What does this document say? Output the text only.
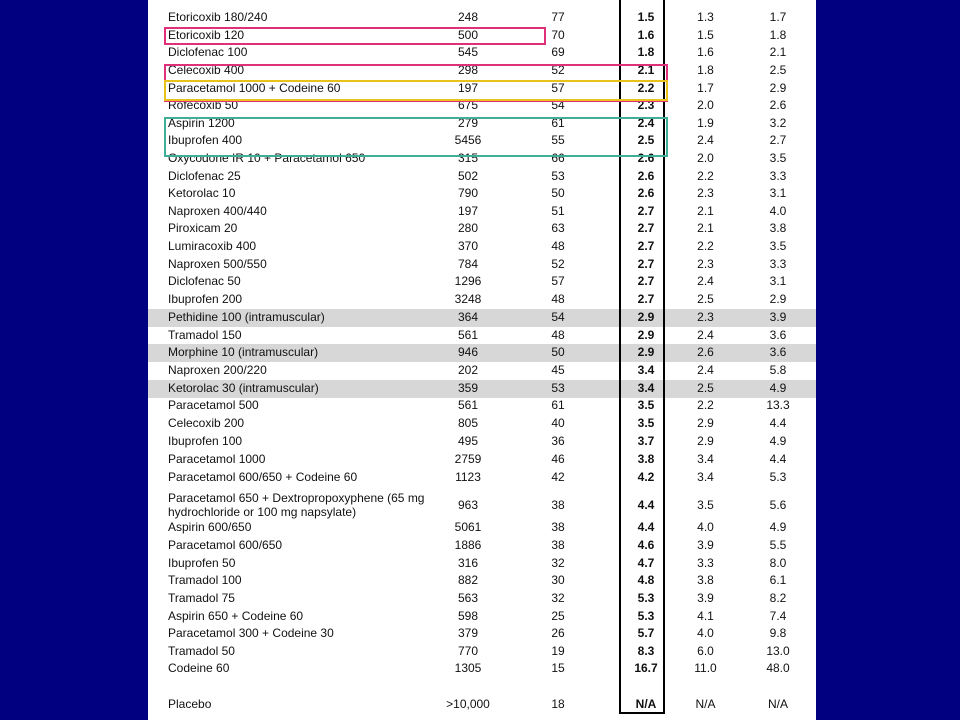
Etoricoxib 180/240	248	77	1.5	1.3	1.7
Etoricoxib 120	500	70	1.6	1.5	1.8
Diclofenac 100	545	69	1.8	1.6	2.1
Celecoxib 400	298	52	2.1	1.8	2.5
Paracetamol 1000 + Codeine 60	197	57	2.2	1.7	2.9
Rofecoxib 50	675	54	2.3	2.0	2.6
Aspirin 1200	279	61	2.4	1.9	3.2
Ibuprofen 400	5456	55	2.5	2.4	2.7
Oxycodone IR 10 + Paracetamol 650	315	66	2.6	2.0	3.5
Diclofenac 25	502	53	2.6	2.2	3.3
Ketorolac 10	790	50	2.6	2.3	3.1
Naproxen 400/440	197	51	2.7	2.1	4.0
Piroxicam 20	280	63	2.7	2.1	3.8
Lumiracoxib 400	370	48	2.7	2.2	3.5
Naproxen 500/550	784	52	2.7	2.3	3.3
Diclofenac 50	1296	57	2.7	2.4	3.1
Ibuprofen 200	3248	48	2.7	2.5	2.9
Pethidine 100 (intramuscular)	364	54	2.9	2.3	3.9
Tramadol 150	561	48	2.9	2.4	3.6
Morphine 10 (intramuscular)	946	50	2.9	2.6	3.6
Naproxen 200/220	202	45	3.4	2.4	5.8
Ketorolac 30 (intramuscular)	359	53	3.4	2.5	4.9
Paracetamol 500	561	61	3.5	2.2	13.3
Celecoxib 200	805	40	3.5	2.9	4.4
Ibuprofen 100	495	36	3.7	2.9	4.9
Paracetamol 1000	2759	46	3.8	3.4	4.4
Paracetamol 600/650 + Codeine 60	1123	42	4.2	3.4	5.3
Paracetamol 650 + Dextropropoxyphene (65 mg hydrochloride or 100 mg napsylate)	963	38	4.4	3.5	5.6
Aspirin 600/650	5061	38	4.4	4.0	4.9
Paracetamol 600/650	1886	38	4.6	3.9	5.5
Ibuprofen 50	316	32	4.7	3.3	8.0
Tramadol 100	882	30	4.8	3.8	6.1
Tramadol 75	563	32	5.3	3.9	8.2
Aspirin 650 + Codeine 60	598	25	5.3	4.1	7.4
Paracetamol 300 + Codeine 30	379	26	5.7	4.0	9.8
Tramadol 50	770	19	8.3	6.0	13.0
Codeine 60	1305	15	16.7	11.0	48.0
Placebo	>10,000	18	N/A	N/A	N/A
